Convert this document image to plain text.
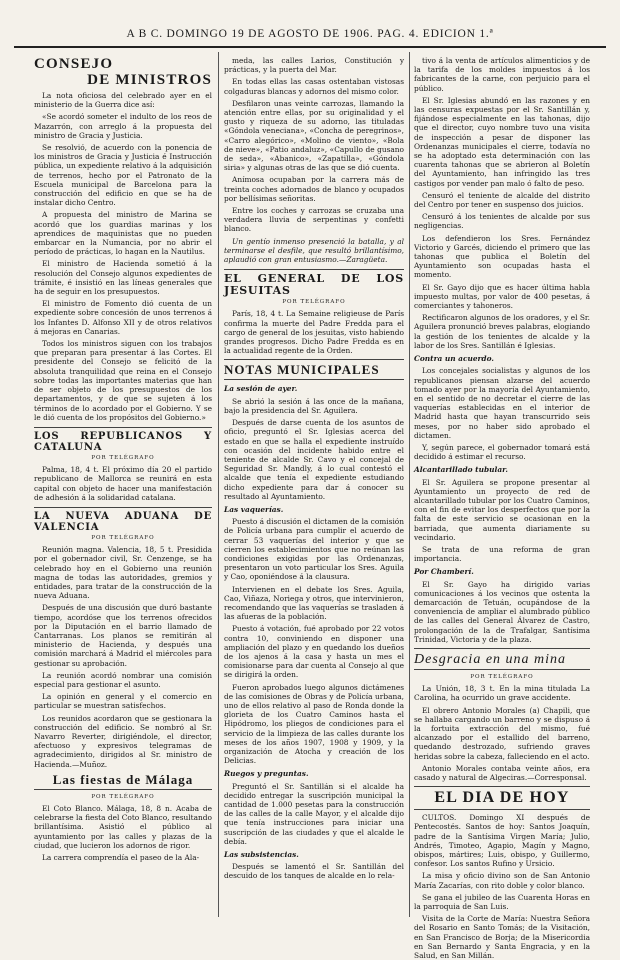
A B C. DOMINGO 19 DE AGOSTO DE 1906. PAG. 4. EDICION 1.ª
CONSEJO
DE MINISTROS

La nota oficiosa del celebrado ayer en el ministerio de la Guerra dice así:

«Se acordó someter el indulto de los reos de Mazarrón, con arreglo á la propuesta del ministro de Gracia y Justicia.

Se resolvió, de acuerdo con la ponencia de los ministros de Gracia y Justicia é Instrucción pública, un expediente relativo á la adquisición de terrenos, hecho por el Patronato de la Escuela municipal de Barcelona para la construcción del edificio en que se ha de instalar dicho Centro.

A propuesta del ministro de Marina se acordó que los guardias marinas y los aprendices de maquinistas que no pueden embarcar en la Numancia, por no abrir el período de prácticas, lo hagan en la Nautilus.

El ministro de Hacienda sometió á la resolución del Consejo algunos expedientes de trámite, é insistió en las líneas generales que ha de seguir en los presupuestos.

El ministro de Fomento dió cuenta de un expediente sobre concesión de unos terrenos á los Infantes D. Alfonso XII y de otros relativos á mejoras en Canarias.

Todos los ministros siguen con los trabajos que preparan para presentar á las Cortes. El presidente del Consejo se felicitó de la absoluta tranquilidad que reina en el Consejo sobre todas las importantes materias que han de ser objeto de los presupuestos de los departamentos, y de que se sujeten á los términos de lo acordado por el Gobierno. Y se le dió cuenta de los propósitos del Gobierno.»

LOS REPUBLICANOS Y CATALUNA
POR TELÉGRAFO

Palma, 18, 4 t. El próximo día 20 el partido republicano de Mallorca se reunirá en esta capital con objeto de hacer una manifestación de adhesión á la solidaridad catalana.

LA NUEVA ADUANA DE VALENCIA
POR TELÉGRAFO

Reunión magna. Valencia, 18, 5 t. Presidida por el gobernador civil, Sr. Cenzenge, se ha celebrado hoy en el Gobierno una reunión magna de todas las autoridades, gremios y entidades, para tratar de la construcción de la nueva Aduana.

Después de una discusión que duró bastante tiempo, acordóse que los terrenos ofrecidos por la Diputación en el barrio llamado de Cantarranas. Los planos se remitirán al ministerio de Hacienda, y después una comisión marchará á Madrid el miércoles para gestionar su aprobación.

La reunión acordó nombrar una comisión especial para gestionar el asunto.

La opinión en general y el comercio en particular se muestran satisfechos.

Los reunidos acordaron que se gestionara la construcción del edificio. Se nombró al Sr. Navarro Reverter, dirigiéndole, el director, afectuoso y expresivos telegramas de agradecimiento, dirigidos al Sr. ministro de Hacienda.—Muñoz.

Las fiestas de Málaga
POR TELÉGRAFO

El Coto Blanco. Málaga, 18, 8 n. Acaba de celebrarse la fiesta del Coto Blanco, resultando brillantísima. Asistió el público al ayuntamiento por las calles y plazas de la ciudad, que lucieron los adornos de rigor.

La carrera comprendía el paseo de la Ala-

meda, las calles Larios, Constitución y prácticas, y la puerta del Mar.

En todas ellas las casas ostentaban vistosas colgaduras blancas y adornos del mismo color.

Desfilaron unas veinte carrozas, llamando la atención entre ellas, por su originalidad y el gusto y riqueza de su adorno, las tituladas «Góndola veneciana», «Concha de peregrinos», «Carro alegórico», «Molino de viento», «Bola de nieve», «Patio andaluz», «Capullo de gusano de seda», «Abanico», «Zapatilla», «Góndola siria» y algunas otras de las que se dió cuenta.

Anímosa ocupaban por la carrera más de treinta coches adornados de blanco y ocupados por bellísimas señoritas.

Entre los coches y carrozas se cruzaba una verdadera lluvia de serpentinas y confetti blanco.

Un gentío inmenso presenció la batalla, y al terminarse el desfile, que resultó brillantísimo, aplaudió con gran entusiasmo.—Zaragüeta.

EL GENERAL DE LOS JESUITAS
POR TELÉGRAFO

París, 18, 4 t. La Semaine religieuse de París confirma la muerte del Padre Fredda para el cargo de general de los jesuitas, visto habiendo grandes progresos. Dicho Padre Fredda es en la actualidad regente de la Orden.

NOTAS MUNICIPALES

La sesión de ayer.

Se abrió la sesión á las once de la mañana, bajo la presidencia del Sr. Aguilera.

Después de darse cuenta de los asuntos de oficio, preguntó el Sr. Iglesias acerca del estado en que se halla el expediente instruído con ocasión del incidente habido entre el teniente de alcalde Sr. Cavo y el concejal de Seguridad Sr. Mandly, á lo cual contestó el alcalde que tenía el expediente estudiando dicho expediente para dar á conocer su resultado al Ayuntamiento.

Las vaquerías.

Puesto á discusión el dictamen de la comisión de Policía urbana para cumplir el acuerdo de cerrar 53 vaquerías del interior y que se cierren los establecimientos que no reúnan las condiciones exigidas por las Ordenanzas, presentaron un voto particular los Sres. Aguila y Cao, oponiéndose á la clausura.

Intervienen en el debate los Sres. Aguila, Cao, Viñaza, Noriega y otros, que intervinieron, recomendando que las vaquerías se trasladen á las afueras de la población.

Puesto á votación, fué aprobado por 22 votos contra 10, conviniendo en disponer una ampliación del plazo y en quedando los dueños de los ajenos á la casa y hasta un mes el comisionarse para dar cuenta al Consejo al que se dirigirá la orden.

Fueron aprobados luego algunos dictámenes de las comisiones de Obras y de Policía urbana, uno de ellos relativo al paso de Ronda donde la glorieta de los Cuatro Caminos hasta el Hipódromo, los pliegos de condiciones para el servicio de la limpieza de las calles durante los meses de los años 1907, 1908 y 1909, y la organización de Atocha y creación de los Delicias.

Ruegos y preguntas.

Preguntó el Sr. Santillán si el alcalde ha decidido entregar la suscripción municipal la cantidad de 1.000 pesetas para la construcción de las calles de la calle Mayor, y el alcalde dijo que tenía instrucciones para iniciar una suscripción de las ciudades y que el alcalde le debía.

Las subsistencias.

Después se lamentó el Sr. Santillán del descuido de los tanques de alcalde en lo rela-

tivo á la venta de artículos alimenticios y de la tarifa de los moldes impuestos á los fabricantes de la carne, con perjuicio para el público.

El Sr. Iglesias abundó en las razones y en las censuras expuestas por el Sr. Santillán y, fijándose especialmente en las tahonas, dijo que el director, cuyo nombre tuvo una visita de inspección a pesar de disponer las Ordenanzas municipales el cierre, todavía no se ha adoptado esta determinación con las cuarenta tahonas que se abrieron al Boletín del Ayuntamiento, han infringido las tres castigos por vender pan malo ó falto de peso.

Censuró el teniente de alcalde del distrito del Centro por tener en suspenso dos juicios.

Censuró á los tenientes de alcalde por sus negligencias.

Los defendieron los Sres. Fernández Victorio y Garcés, diciendo el primero que las tahonas que publica el Boletín del Ayuntamiento son ocupadas hasta el momento.

El Sr. Gayo dijo que es hacer última habla impuesto multas, por valor de 400 pesetas, á comerciantes y tahoneros.

Rectificaron algunos de los oradores, y el Sr. Aguilera pronunció breves palabras, elogiando la gestión de los tenientes de alcalde y la labor de los Sres. Santillán é Iglesias.

Contra un acuerdo.

Los concejales socialistas y algunos de los republicanos piensan alzarse del acuerdo tomado ayer por la mayoría del Ayuntamiento, en el sentido de no decretar el cierre de las vaquerías establecidas en el interior de Madrid hasta que hayan transcurrido seis meses, por no haber sido aprobado el dictamen.

Y, según parece, el gobernador tomará está decidido á estimar el recurso.

Alcantarillado tubular.

El Sr. Aguilera se propone presentar al Ayuntamiento un proyecto de red de alcantarillado tubular por los Cuatro Caminos, con el fin de evitar los desperfectos que por la falta de este servicio se ocasionan en la barriada, que aumenta diariamente su vecindario.

Se trata de una reforma de gran importancia.

Por Chamberí.

El Sr. Gayo ha dirigido varias comunicaciones á los vecinos que ostenta la demarcación de Tetuán, ocupándose de la conveniencia de ampliar el alumbrado público de las calles del General Álvarez de Castro, prolongación de la de Trafalgar, Santísima Trinidad, Victoria y de la plaza.

Desgracia en una mina
POR TELÉGRAFO

La Unión, 18, 3 t. En la mina titulada La Carolina, ha ocurrido un grave accidente.

El obrero Antonio Morales (a) Chapili, que se hallaba cargando un barreno y se dispuso á la fortuita extracción del mismo, fué alcanzado por el estallido del barreno, quedando destrozado, sufriendo graves heridas sobre la cabeza, falleciendo en el acto.

Antonio Morales contaba veinte años, era casado y natural de Algeciras.—Corresponsal.

EL DIA DE HOY

CULTOS. Domingo XI después de Pentecostés. Santos de hoy: Santos Joaquín, padre de la Santísima Virgen María; Julio, Andrés, Timoteo, Agapio, Magín y Magno, obispos, mártires; Luis, obispo, y Guillermo, confesor. Los santos Rufino y Ursicio.

La misa y oficio divino son de San Antonio María Zacarías, con rito doble y color blanco.

Se gana el jubileo de las Cuarenta Horas en la parroquia de San Luis.

Visita de la Corte de María: Nuestra Señora del Rosario en Santo Tomás; de la Visitación, en San Francisco de Borja; de la Misericordia en San Bernardo y Santa Engracia, y en la Salud, en San Millán.
